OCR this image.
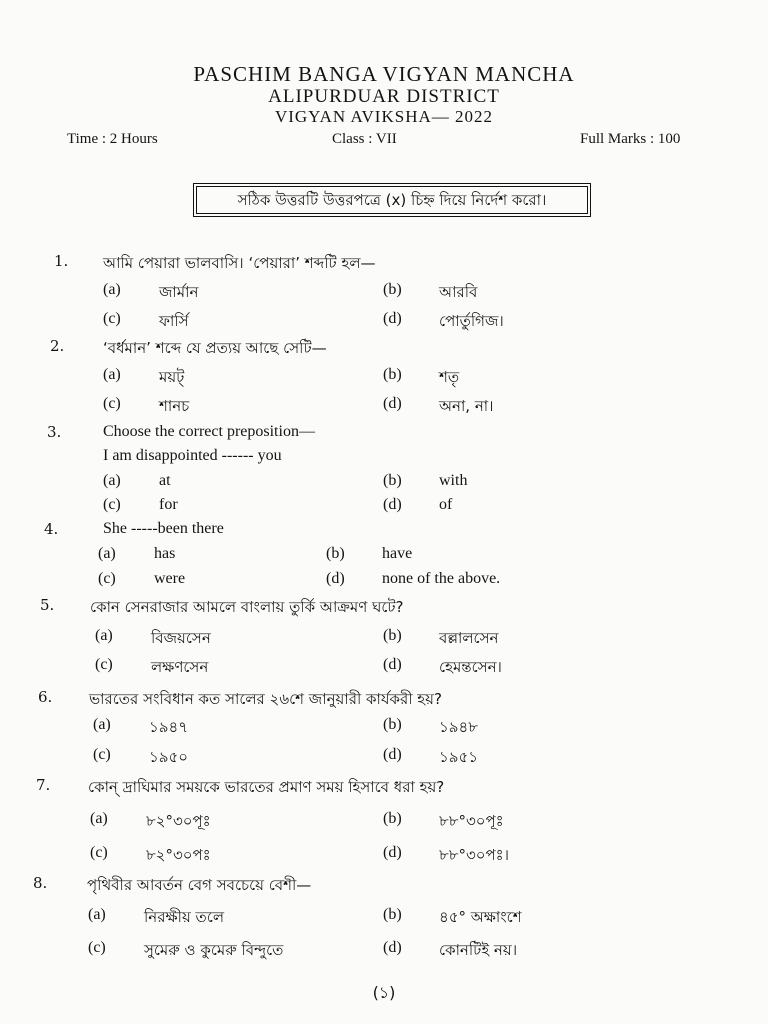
PASCHIM BANGA VIGYAN MANCHA
ALIPURDUAR DISTRICT
VIGYAN AVIKSHA— 2022
Time : 2 Hours	Class : VII	Full Marks : 100
সঠিক উত্তরটি উত্তরপত্রে (x) চিহ্ন দিয়ে নির্দেশ করো।
1. আমি পেয়ারা ভালবাসি। ‘পেয়ারা’ শব্দটি হল—
(a)	জার্মান	(b) আরবি
(c)	ফার্সি	(d) পোর্তুগিজ।
2.	‘বর্ধমান’ শব্দে যে প্রত্যয় আছে সেটি—
(a)	ময়ট্	(b) শতৃ
(c)	শানচ	(d) অনা, না।
3.	Choose the correct preposition—
I am disappointed ------ you
(a) at	(b) with
(c) for	(d) of
4.	She -----been there
(a) has	(b) have
(c) were	(d) none of the above.
5. কোন সেনরাজার আমলে বাংলায় তুর্কি আক্রমণ ঘটে?
(a)	বিজয়সেন	(b) বল্লালসেন
(c)	লক্ষণসেন	(d) হেমন্তসেন।
6. ভারতের সংবিধান কত সালের ২৬শে জানুয়ারী কার্যকরী হয়?
(a)	১৯৪৭	(b) ১৯৪৮
(c)	১৯৫০	(d) ১৯৫১
7.	কোন্ দ্রাঘিমার সময়কে ভারতের প্রমাণ সময় হিসাবে ধরা হয়?
(a)	৮২°৩০পূঃ	(b) ৮৮°৩০পূঃ
(c)	৮২°৩০পঃ	(d) ৮৮°৩০পঃ।
8.	পৃথিবীর আবর্তন বেগ সবচেয়ে বেশী—
(a)	নিরক্ষীয় তলে	(b) ৪৫° অক্ষাংশে
(c)	সুমেরু ও কুমেরু বিন্দুতে	(d) কোনটিই নয়।
(১)
